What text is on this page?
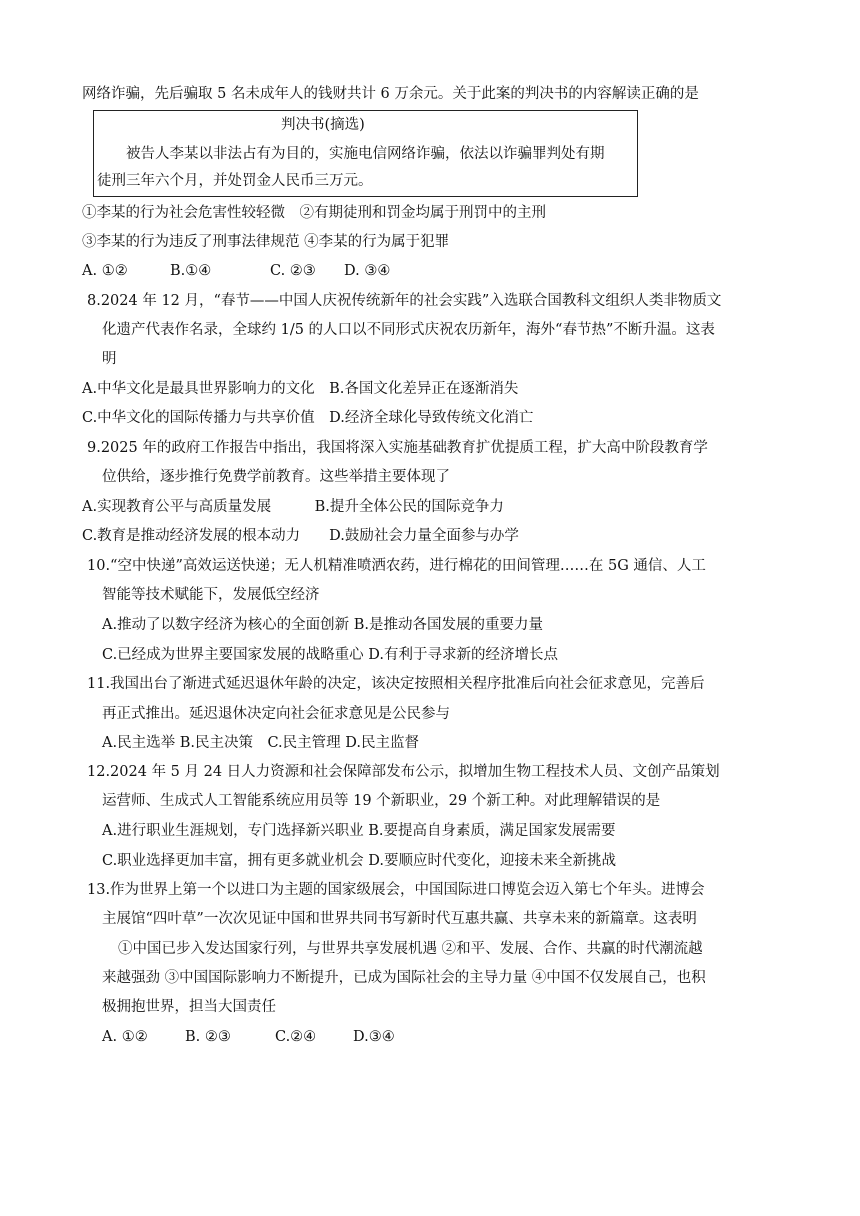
网络诈骗，先后骗取 5 名未成年人的钱财共计 6 万余元。关于此案的判决书的内容解读正确的是
判决书(摘选)
被告人李某以非法占有为目的，实施电信网络诈骗，依法以诈骗罪判处有期
徒刑三年六个月，并处罚金人民币三万元。
①李某的行为社会危害性较轻微　②有期徒刑和罚金均属于刑罚中的主刑
③李某的行为违反了刑事法律规范 ④李某的行为属于犯罪
A. ①②	B.①④	C. ②③ D. ③④
8.2024 年 12 月，“春节——中国人庆祝传统新年的社会实践”入选联合国教科文组织人类非物质文
化遗产代表作名录，全球约 1/5 的人口以不同形式庆祝农历新年，海外“春节热”不断升温。这表
明
A.中华文化是最具世界影响力的文化　B.各国文化差异正在逐渐消失
C.中华文化的国际传播力与共享价值　D.经济全球化导致传统文化消亡
9.2025 年的政府工作报告中指出，我国将深入实施基础教育扩优提质工程，扩大高中阶段教育学
位供给，逐步推行免费学前教育。这些举措主要体现了
A.实现教育公平与高质量发展　　　B.提升全体公民的国际竞争力
C.教育是推动经济发展的根本动力　　D.鼓励社会力量全面参与办学
10.“空中快递”高效运送快递；无人机精准喷洒农药，进行棉花的田间管理……在 5G 通信、人工
智能等技术赋能下，发展低空经济
A.推动了以数字经济为核心的全面创新 B.是推动各国发展的重要力量
C.已经成为世界主要国家发展的战略重心 D.有利于寻求新的经济增长点
11.我国出台了渐进式延迟退休年龄的决定，该决定按照相关程序批准后向社会征求意见，完善后
再正式推出。延迟退休决定向社会征求意见是公民参与
A.民主选举 B.民主决策　C.民主管理 D.民主监督
12.2024 年 5 月 24 日人力资源和社会保障部发布公示，拟增加生物工程技术人员、文创产品策划
运营师、生成式人工智能系统应用员等 19 个新职业，29 个新工种。对此理解错误的是
A.进行职业生涯规划，专门选择新兴职业 B.要提高自身素质，满足国家发展需要
C.职业选择更加丰富，拥有更多就业机会 D.要顺应时代变化，迎接未来全新挑战
13.作为世界上第一个以进口为主题的国家级展会，中国国际进口博览会迈入第七个年头。进博会
主展馆“四叶草”一次次见证中国和世界共同书写新时代互惠共赢、共享未来的新篇章。这表明
①中国已步入发达国家行列，与世界共享发展机遇 ②和平、发展、合作、共赢的时代潮流越
来越强劲 ③中国国际影响力不断提升，已成为国际社会的主导力量 ④中国不仅发展自己，也积
极拥抱世界，担当大国责任
A. ①②	B. ②③	C.②④	D.③④
